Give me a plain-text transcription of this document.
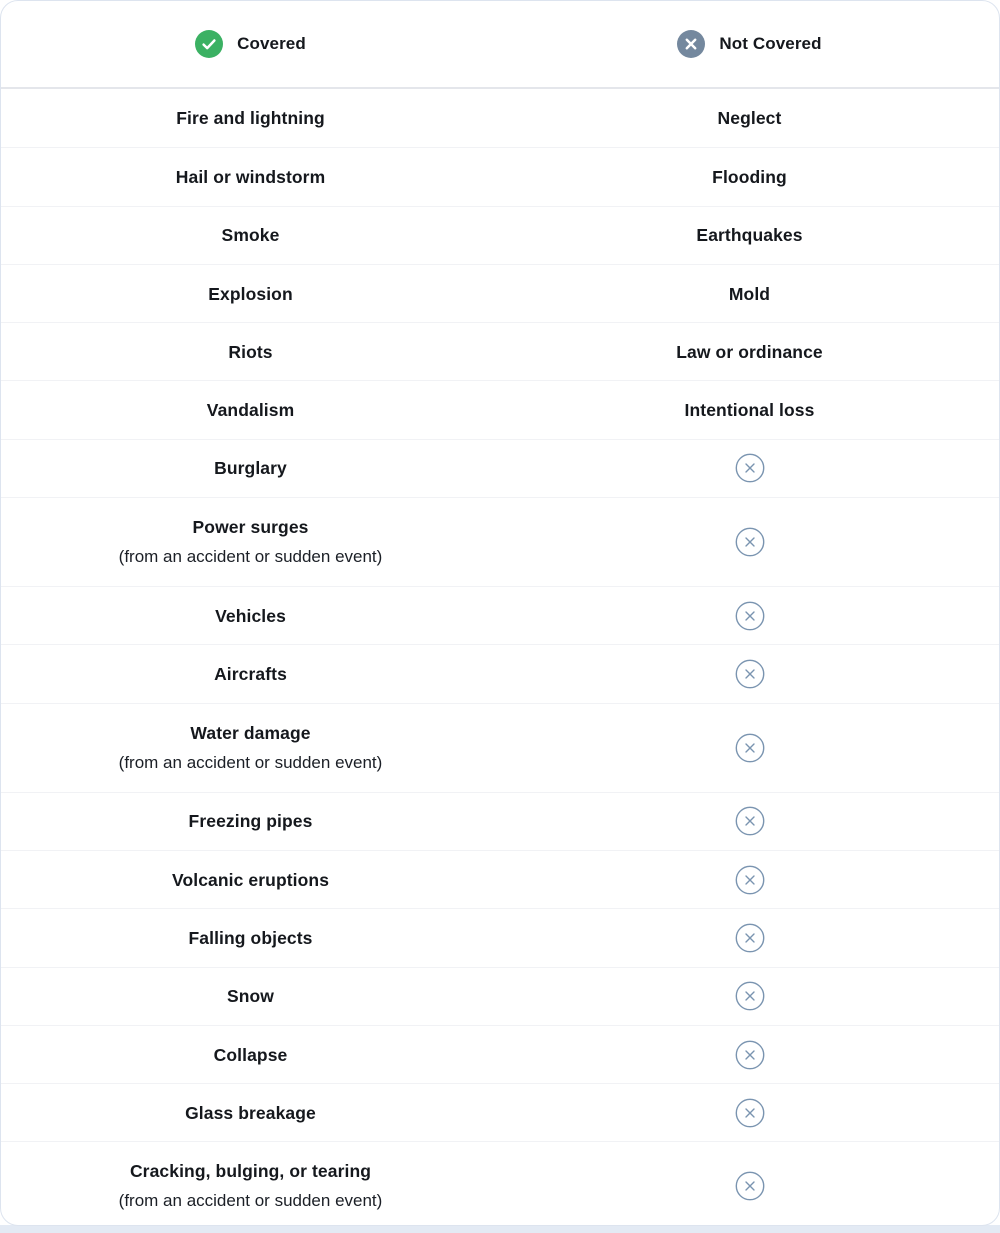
Covered	Not Covered
Fire and lightning	Neglect
Hail or windstorm	Flooding
Smoke	Earthquakes
Explosion	Mold
Riots	Law or ordinance
Vandalism	Intentional loss
Burglary
Power surges
(from an accident or sudden event)
Vehicles
Aircrafts
Water damage
(from an accident or sudden event)
Freezing pipes
Volcanic eruptions
Falling objects
Snow
Collapse
Glass breakage
Cracking, bulging, or tearing
(from an accident or sudden event)
